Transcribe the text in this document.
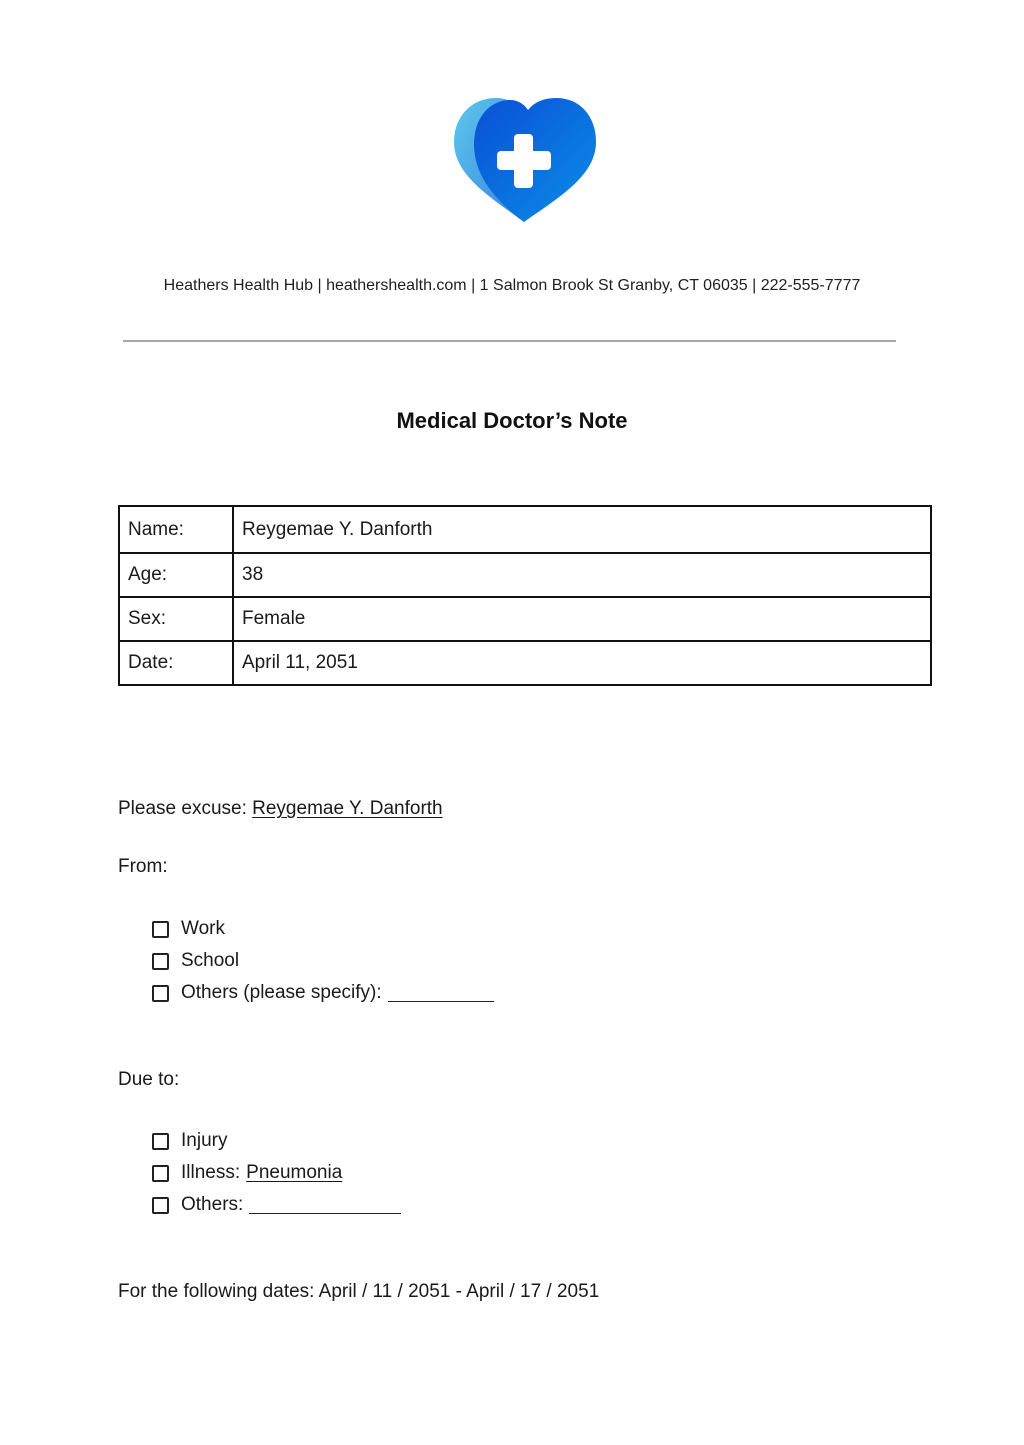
Heathers Health Hub | heathershealth.com | 1 Salmon Brook St Granby, CT 06035 | 222-555-7777
Medical Doctor’s Note
Name:	Reygemae Y. Danforth
Age:	38
Sex:	Female
Date:	April 11, 2051
Please excuse: Reygemae Y. Danforth
From:
Work
School
Others (please specify):
Due to:
Injury
Illness: Pneumonia
Others:
For the following dates: April / 11 / 2051 - April / 17 / 2051
